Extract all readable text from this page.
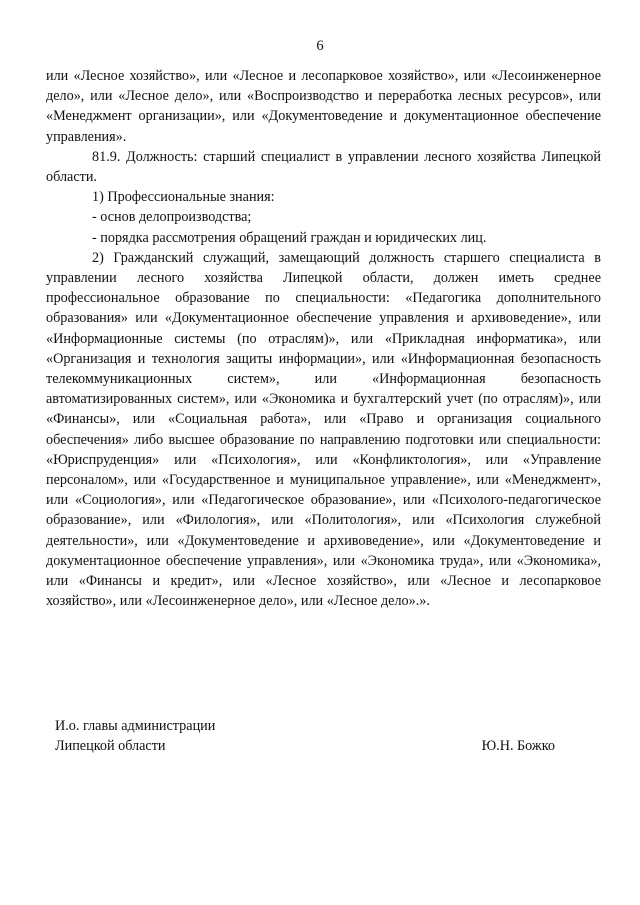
6

или «Лесное хозяйство», или «Лесное и лесопарковое хозяйство», или «Лесоинженерное дело», или «Лесное дело», или «Воспроизводство и переработка лесных ресурсов», или «Менеджмент организации», или «Документоведение и документационное обеспечение управления».

81.9. Должность: старший специалист в управлении лесного хозяйства Липецкой области.

1) Профессиональные знания:

- основ делопроизводства;

- порядка рассмотрения обращений граждан и юридических лиц.

2) Гражданский служащий, замещающий должность старшего специалиста в управлении лесного хозяйства Липецкой области, должен иметь среднее профессиональное образование по специальности: «Педагогика дополнительного образования» или «Документационное обеспечение управления и архивоведение», или «Информационные системы (по отраслям)», или «Прикладная информатика», или «Организация и технология защиты информации», или «Информационная безопасность телекоммуникационных систем», или «Информационная безопасность автоматизированных систем», или «Экономика и бухгалтерский учет (по отраслям)», или «Финансы», или «Социальная работа», или «Право и организация социального обеспечения» либо высшее образование по направлению подготовки или специальности: «Юриспруденция» или «Психология», или «Конфликтология», или «Управление персоналом», или «Государственное и муниципальное управление», или «Менеджмент», или «Социология», или «Педагогическое образование», или «Психолого-педагогическое образование», или «Филология», или «Политология», или «Психология служебной деятельности», или «Документоведение и архивоведение», или «Документоведение и документационное обеспечение управления», или «Экономика труда», или «Экономика», или «Финансы и кредит», или «Лесное хозяйство», или «Лесное и лесопарковое хозяйство», или «Лесоинженерное дело», или «Лесное дело».».

И.о. главы администрации
Липецкой области	Ю.Н. Божко
